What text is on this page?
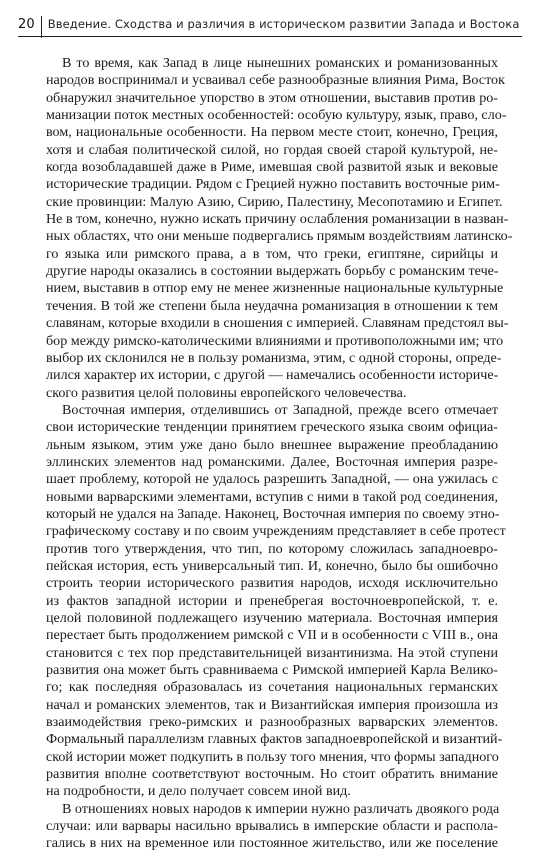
20	Введение. Сходства и различия в историческом развитии Запада и Востока
В то время, как Запад в лице нынешних романских и романизованных
народов воспринимал и усваивал себе разнообразные влияния Рима, Восток
обнаружил значительное упорство в этом отношении, выставив против ро-
манизации поток местных особенностей: особую культуру, язык, право, сло-
вом, национальные особенности. На первом месте стоит, конечно, Греция,
хотя и слабая политической силой, но гордая своей старой культурой, не-
когда возобладавшей даже в Риме, имевшая свой развитой язык и вековые
исторические традиции. Рядом с Грецией нужно поставить восточные рим-
ские провинции: Малую Азию, Сирию, Палестину, Месопотамию и Египет.
Не в том, конечно, нужно искать причину ослабления романизации в назван-
ных областях, что они меньше подвергались прямым воздействиям латинско-
го языка или римского права, а в том, что греки, египтяне, сирийцы и
другие народы оказались в состоянии выдержать борьбу с романским тече-
нием, выставив в отпор ему не менее жизненные национальные культурные
течения. В той же степени была неудачна романизация в отношении к тем
славянам, которые входили в сношения с империей. Славянам предстоял вы-
бор между римско-католическими влияниями и противоположными им; что
выбор их склонился не в пользу романизма, этим, с одной стороны, опреде-
лился характер их истории, с другой — намечались особенности историче-
ского развития целой половины европейского человечества.
Восточная империя, отделившись от Западной, прежде всего отмечает
свои исторические тенденции принятием греческого языка своим официа-
льным языком, этим уже дано было внешнее выражение преобладанию
эллинских элементов над романскими. Далее, Восточная империя разре-
шает проблему, которой не удалось разрешить Западной, — она ужилась с
новыми варварскими элементами, вступив с ними в такой род соединения,
который не удался на Западе. Наконец, Восточная империя по своему этно-
графическому составу и по своим учреждениям представляет в себе протест
против того утверждения, что тип, по которому сложилась западноевро-
пейская история, есть универсальный тип. И, конечно, было бы ошибочно
строить теории исторического развития народов, исходя исключительно
из фактов западной истории и пренебрегая восточноевропейской, т. е.
целой половиной подлежащего изучению материала. Восточная империя
перестает быть продолжением римской с VII и в особенности с VIII в., она
становится с тех пор представительницей византинизма. На этой ступени
развития она может быть сравниваема с Римской империей Карла Велико-
го; как последняя образовалась из сочетания национальных германских
начал и романских элементов, так и Византийская империя произошла из
взаимодействия греко-римских и разнообразных варварских элементов.
Формальный параллелизм главных фактов западноевропейской и византий-
ской истории может подкупить в пользу того мнения, что формы западного
развития вполне соответствуют восточным. Но стоит обратить внимание
на подробности, и дело получает совсем иной вид.
В отношениях новых народов к империи нужно различать двоякого рода
случаи: или варвары насильно врывались в имперские области и распола-
гались в них на временное или постоянное жительство, или же поселение
